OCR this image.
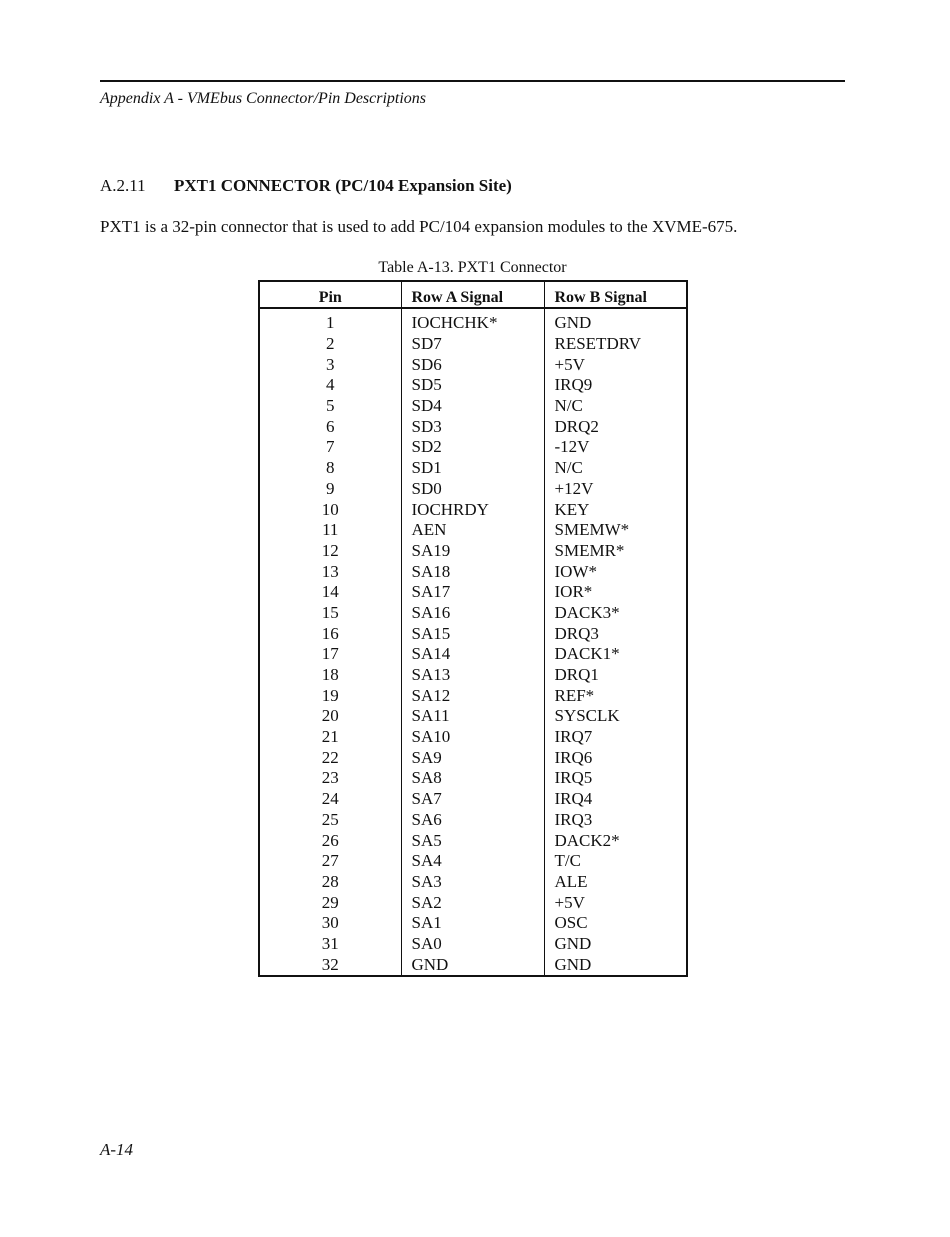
Appendix A - VMEbus Connector/Pin Descriptions
A.2.11 PXT1 CONNECTOR (PC/104 Expansion Site)
PXT1 is a 32-pin connector that is used to add PC/104 expansion modules to the XVME-675.
Table A-13. PXT1 Connector
Pin	Row A Signal	Row B Signal
1	IOCHCHK*	GND
2	SD7	RESETDRV
3	SD6	+5V
4	SD5	IRQ9
5	SD4	N/C
6	SD3	DRQ2
7	SD2	-12V
8	SD1	N/C
9	SD0	+12V
10	IOCHRDY	KEY
11	AEN	SMEMW*
12	SA19	SMEMR*
13	SA18	IOW*
14	SA17	IOR*
15	SA16	DACK3*
16	SA15	DRQ3
17	SA14	DACK1*
18	SA13	DRQ1
19	SA12	REF*
20	SA11	SYSCLK
21	SA10	IRQ7
22	SA9	IRQ6
23	SA8	IRQ5
24	SA7	IRQ4
25	SA6	IRQ3
26	SA5	DACK2*
27	SA4	T/C
28	SA3	ALE
29	SA2	+5V
30	SA1	OSC
31	SA0	GND
32	GND	GND
A-14
